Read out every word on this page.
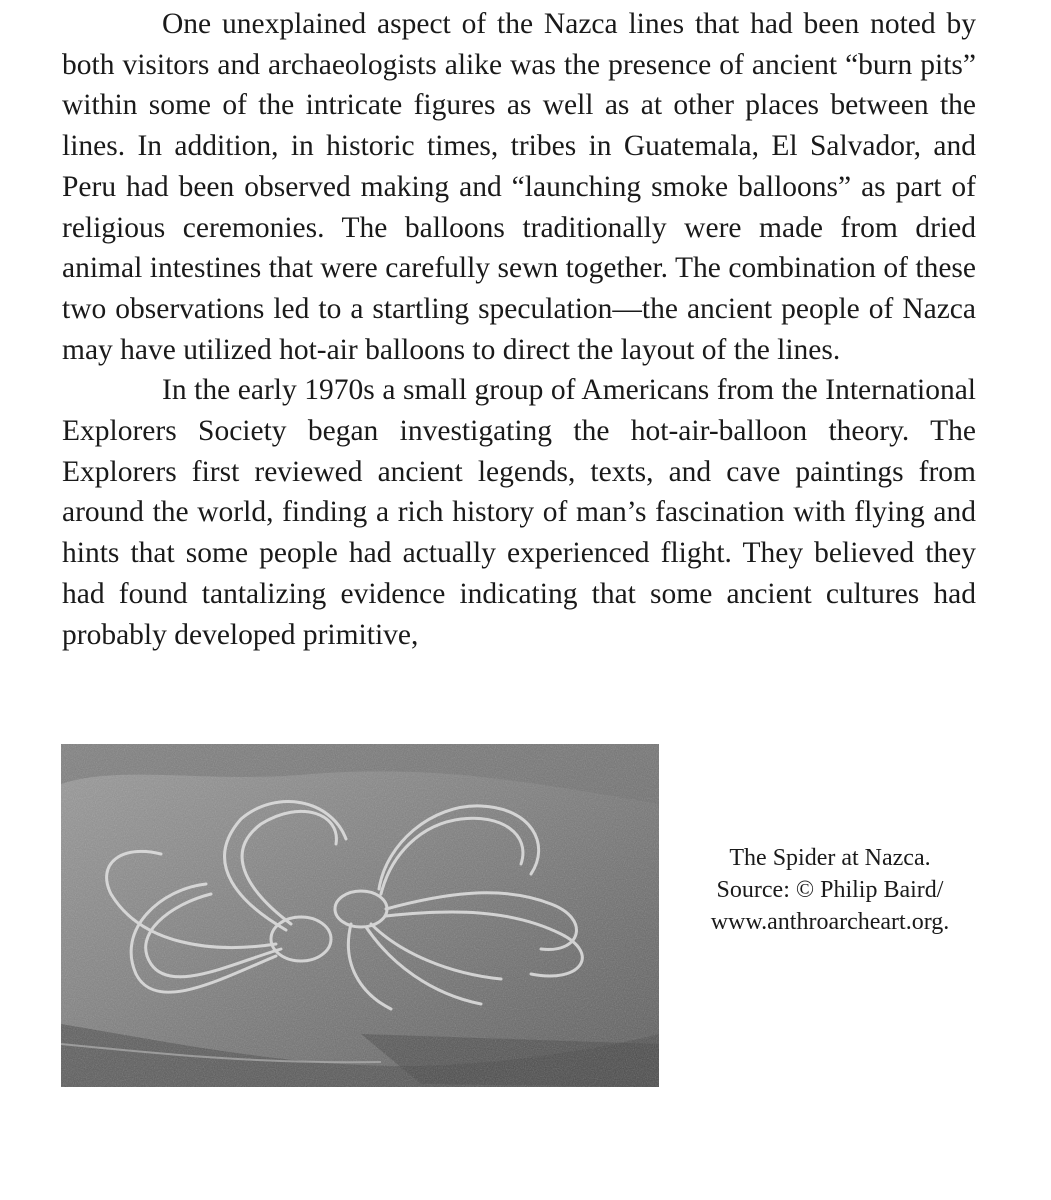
One unexplained aspect of the Nazca lines that had been noted by both visitors and archaeologists alike was the presence of ancient “burn pits” within some of the intricate figures as well as at other places between the lines. In addition, in historic times, tribes in Guatemala, El Salvador, and Peru had been observed making and “launching smoke balloons” as part of religious ceremonies. The balloons traditionally were made from dried animal intestines that were carefully sewn together. The combination of these two observations led to a startling speculation—the ancient people of Nazca may have utilized hot-air balloons to direct the layout of the lines.

In the early 1970s a small group of Americans from the International Explorers Society began investigating the hot-air-balloon theory. The Explorers first reviewed ancient legends, texts, and cave paintings from around the world, finding a rich history of man’s fascination with flying and hints that some people had actually experienced flight. They believed they had found tantalizing evidence indicating that some ancient cultures had probably developed primitive,

The Spider at Nazca.
Source: © Philip Baird/
www.anthroarcheart.org.
